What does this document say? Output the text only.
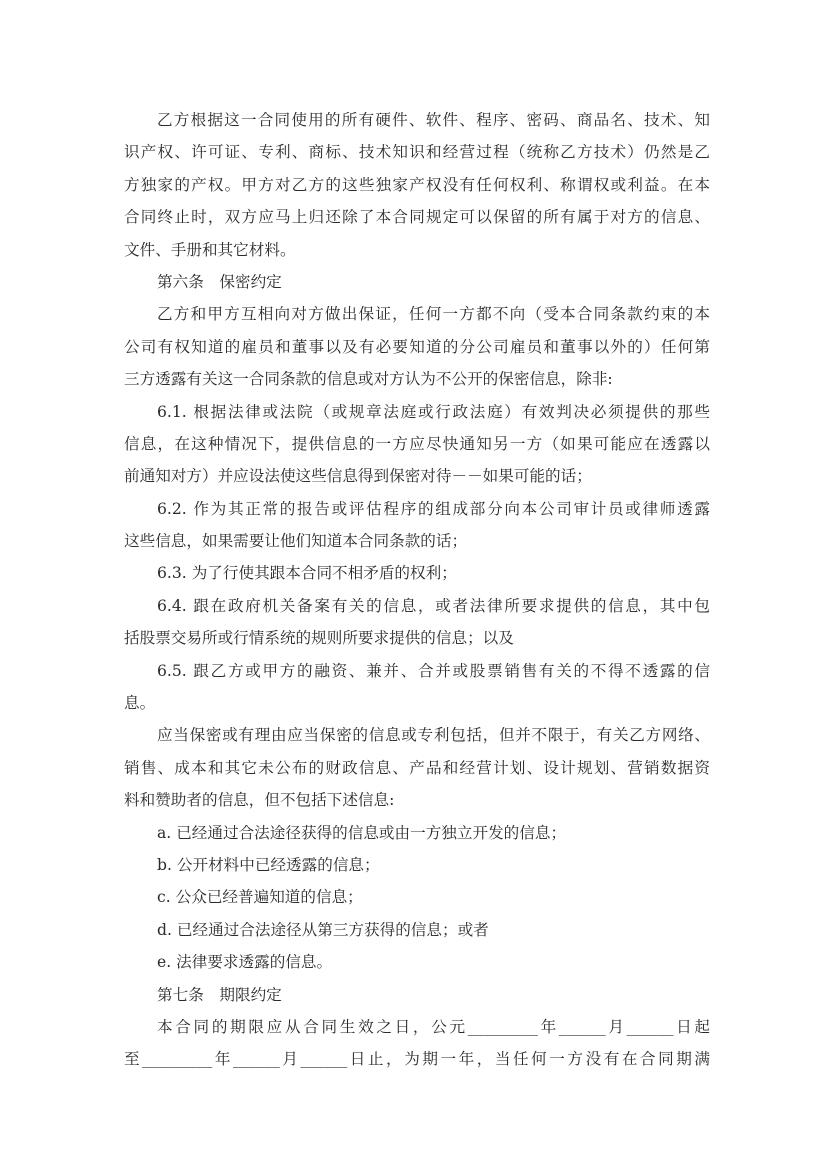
乙方根据这一合同使用的所有硬件、软件、程序、密码、商品名、技术、知
识产权、许可证、专利、商标、技术知识和经营过程（统称乙方技术）仍然是乙
方独家的产权。甲方对乙方的这些独家产权没有任何权利、称谓权或利益。在本
合同终止时，双方应马上归还除了本合同规定可以保留的所有属于对方的信息、
文件、手册和其它材料。
第六条　保密约定
乙方和甲方互相向对方做出保证，任何一方都不向（受本合同条款约束的本
公司有权知道的雇员和董事以及有必要知道的分公司雇员和董事以外的）任何第
三方透露有关这一合同条款的信息或对方认为不公开的保密信息，除非:
6.1. 根据法律或法院（或规章法庭或行政法庭）有效判决必须提供的那些
信息，在这种情况下，提供信息的一方应尽快通知另一方（如果可能应在透露以
前通知对方）并应设法使这些信息得到保密对待－－如果可能的话；
6.2. 作为其正常的报告或评估程序的组成部分向本公司审计员或律师透露
这些信息，如果需要让他们知道本合同条款的话；
6.3. 为了行使其跟本合同不相矛盾的权利；
6.4. 跟在政府机关备案有关的信息，或者法律所要求提供的信息，其中包
括股票交易所或行情系统的规则所要求提供的信息；以及
6.5. 跟乙方或甲方的融资、兼并、合并或股票销售有关的不得不透露的信
息。
应当保密或有理由应当保密的信息或专利包括，但并不限于，有关乙方网络、
销售、成本和其它未公布的财政信息、产品和经营计划、设计规划、营销数据资
料和赞助者的信息，但不包括下述信息:
a. 已经通过合法途径获得的信息或由一方独立开发的信息；
b. 公开材料中已经透露的信息；
c. 公众已经普遍知道的信息；
d. 已经通过合法途径从第三方获得的信息；或者
e. 法律要求透露的信息。
第七条　期限约定
本合同的期限应从合同生效之日，公元_________年______月______日起
至_________年______月______日止，为期一年，当任何一方没有在合同期满
